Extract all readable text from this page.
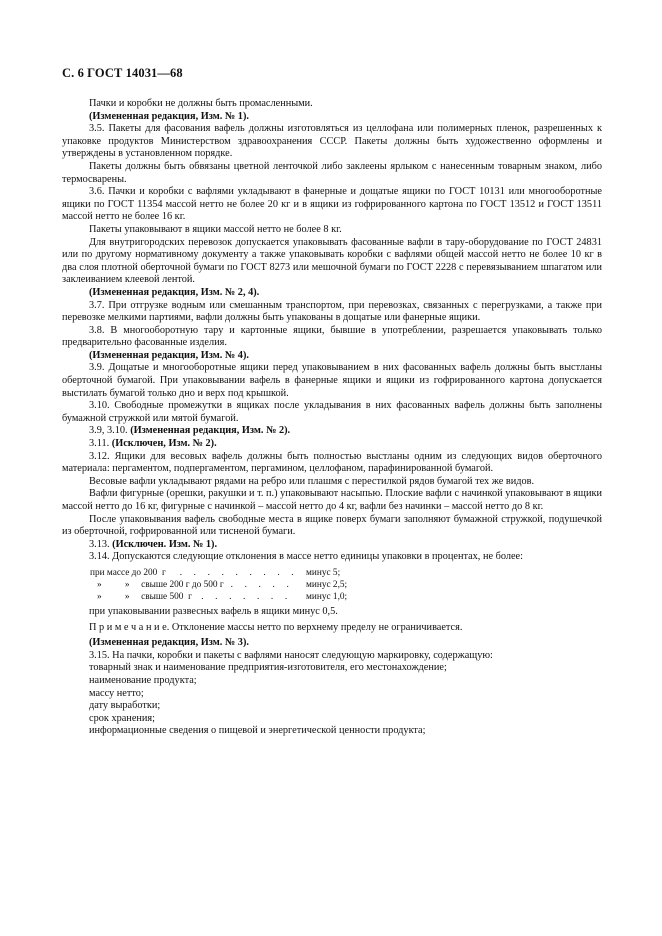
С. 6 ГОСТ 14031—68

Пачки и коробки не должны быть промасленными.

(Измененная редакция, Изм. № 1).

3.5. Пакеты для фасования вафель должны изготовляться из целлофана или полимерных пленок, разрешенных к упаковке продуктов Министерством здравоохранения СССР. Пакеты должны быть художественно оформлены и утверждены в установленном порядке.

Пакеты должны быть обвязаны цветной ленточкой либо заклеены ярлыком с нанесенным товарным знаком, либо термосварены.

3.6. Пачки и коробки с вафлями укладывают в фанерные и дощатые ящики по ГОСТ 10131 или многооборотные ящики по ГОСТ 11354 массой нетто не более 20 кг и в ящики из гофрированного картона по ГОСТ 13512 и ГОСТ 13511 массой нетто не более 16 кг.

Пакеты упаковывают в ящики массой нетто не более 8 кг.

Для внутригородских перевозок допускается упаковывать фасованные вафли в тару-оборудование по ГОСТ 24831 или по другому нормативному документу а также упаковывать коробки с вафлями общей массой нетто не более 10 кг в два слоя плотной оберточной бумаги по ГОСТ 8273 или мешочной бумаги по ГОСТ 2228 с перевязыванием шпагатом или заклеиванием клеевой лентой.

(Измененная редакция, Изм. № 2, 4).

3.7. При отгрузке водным или смешанным транспортом, при перевозках, связанных с перегрузками, а также при перевозке мелкими партиями, вафли должны быть упакованы в дощатые или фанерные ящики.

3.8. В многооборотную тару и картонные ящики, бывшие в употреблении, разрешается упаковывать только предварительно фасованные изделия.

(Измененная редакция, Изм. № 4).

3.9. Дощатые и многооборотные ящики перед упаковыванием в них фасованных вафель должны быть выстланы оберточной бумагой. При упаковывании вафель в фанерные ящики и ящики из гофрированного картона допускается выстилать бумагой только дно и верх под крышкой.

3.10. Свободные промежутки в ящиках после укладывания в них фасованных вафель должны быть заполнены бумажной стружкой или мятой бумагой.

3.9, 3.10. (Измененная редакция, Изм. № 2).

3.11. (Исключен, Изм. № 2).

3.12. Ящики для весовых вафель должны быть полностью выстланы одним из следующих видов оберточного материала: пергаментом, подпергаментом, пергамином, целлофаном, парафинированной бумагой.

Весовые вафли укладывают рядами на ребро или плашмя с перестилкой рядов бумагой тех же видов.

Вафли фигурные (орешки, ракушки и т. п.) упаковывают насыпью. Плоские вафли с начинкой упаковывают в ящики массой нетто до 16 кг, фигурные с начинкой – массой нетто до 4 кг, вафли без начинки – массой нетто до 8 кг.

После упаковывания вафель свободные места в ящике поверх бумаги заполняют бумажной стружкой, подушечкой из оберточной, гофрированной или тисненой бумаги.

3.13. (Исключен. Изм. № 1).

3.14. Допускаются следующие отклонения в массе нетто единицы упаковки в процентах, не более:

при массе до 200  г      .     .     .     .     .     .     .     .     .	минус 5;
»          »     свыше 200 г до 500 г   .     .     .     .     .	минус 2,5;
»          »     свыше 500  г    .     .     .     .     .     .     .	минус 1,0;

при упаковывании развесных вафель в ящики минус 0,5.

П р и м е ч а н и е. Отклонение массы нетто по верхнему пределу не ограничивается.

(Измененная редакция, Изм. № 3).

3.15. На пачки, коробки и пакеты с вафлями наносят следующую маркировку, содержащую:

товарный знак и наименование предприятия-изготовителя, его местонахождение;

наименование продукта;

массу нетто;

дату выработки;

срок хранения;

информационные сведения о пищевой и энергетической ценности продукта;
